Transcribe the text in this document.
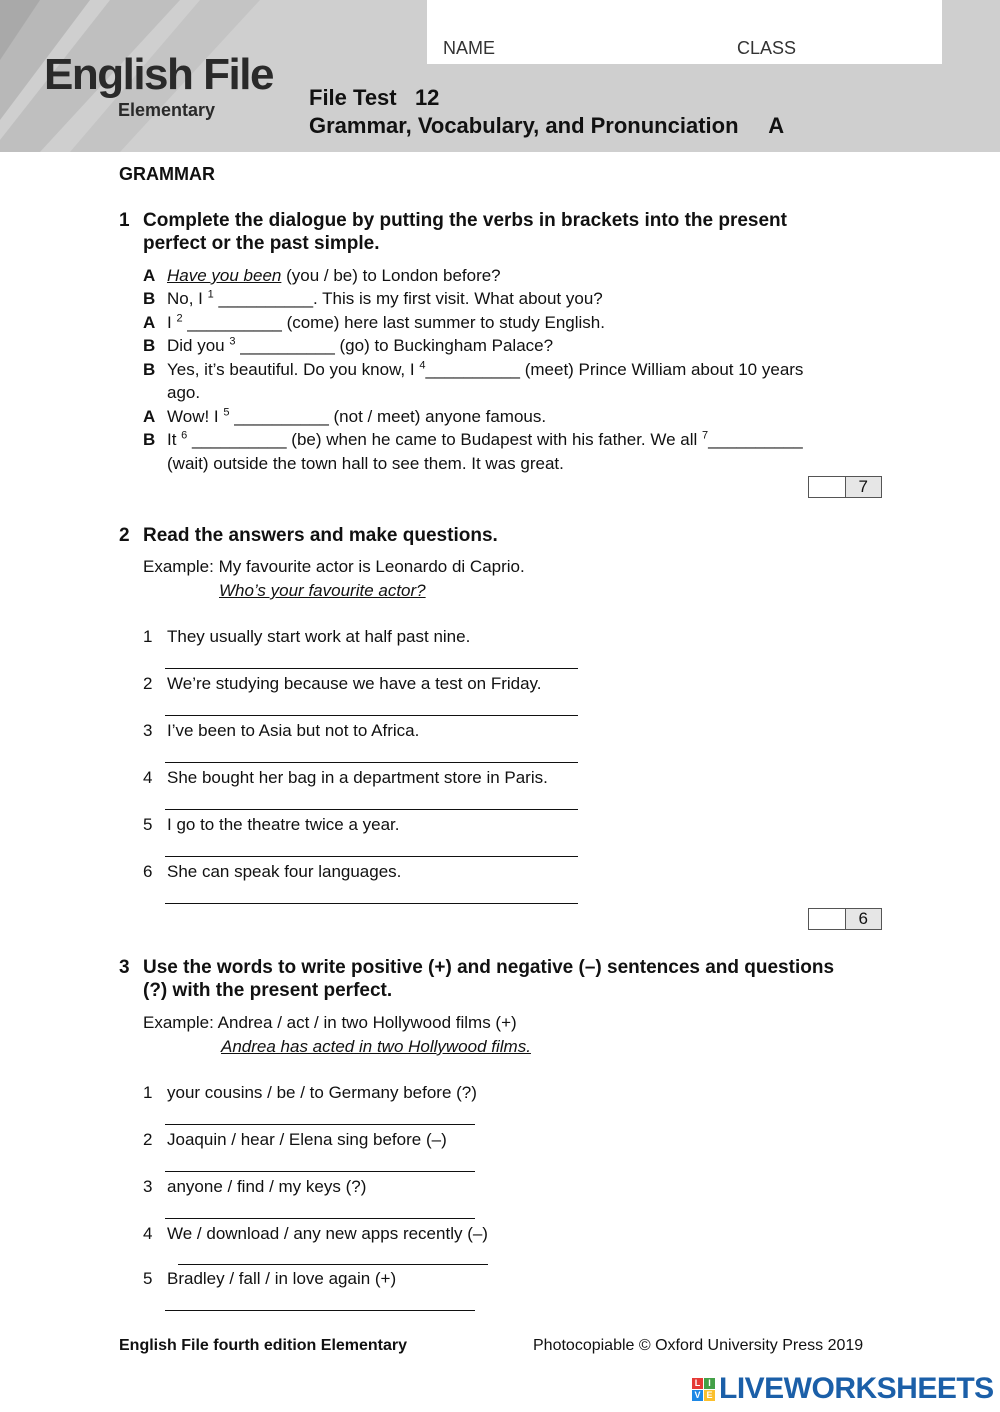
English File
Elementary
NAME	CLASS
File Test   12
Grammar, Vocabulary, and Pronunciation     A
GRAMMAR
1 Complete the dialogue by putting the verbs in brackets into the present
perfect or the past simple.
A Have you been (you / be) to London before?
B No, I $^1$ __________. This is my first visit. What about you?
A I $^2$ __________ (come) here last summer to study English.
B Did you $^3$ __________ (go) to Buckingham Palace?
B Yes, it’s beautiful. Do you know, I $^4$__________ (meet) Prince William about 10 years
ago.
A Wow! I $^5$ __________ (not / meet) anyone famous.
B It $^6$ __________ (be) when he came to Budapest with his father. We all $^7$__________
(wait) outside the town hall to see them. It was great.
7
2 Read the answers and make questions.
Example: My favourite actor is Leonardo di Caprio.
Who’s your favourite actor?
1 They usually start work at half past nine.
2 We’re studying because we have a test on Friday.
3 I’ve been to Asia but not to Africa.
4 She bought her bag in a department store in Paris.
5 I go to the theatre twice a year.
6 She can speak four languages.
6
3 Use the words to write positive (+) and negative (–) sentences and questions
(?) with the present perfect.
Example: Andrea / act / in two Hollywood films (+)
Andrea has acted in two Hollywood films.
1 your cousins / be / to Germany before (?)
2 Joaquin / hear / Elena sing before (–)
3 anyone / find / my keys (?)
4 We / download / any new apps recently (–)
5 Bradley / fall / in love again (+)
English File fourth edition Elementary	Photocopiable © Oxford University Press 2019
L I
V E LIVEWORKSHEETS
